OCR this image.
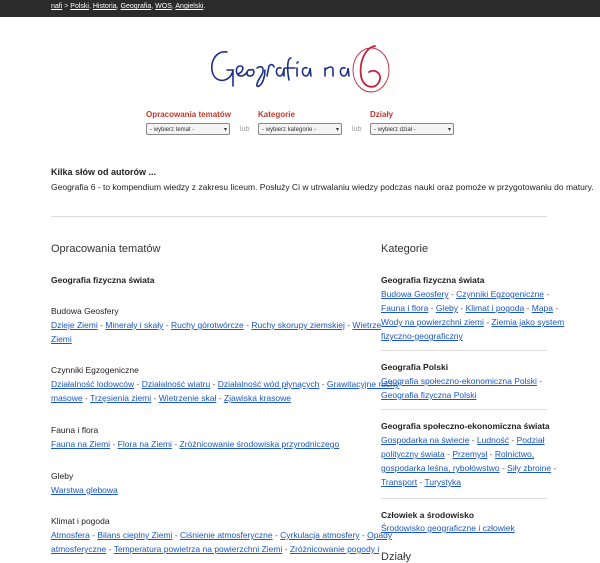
nafi > Polski, Historia, Geografia, WOS, Angielski.
Opracowania tematów
- wybierz temat -	▾ lub
Kategorie
- wybierz kategorie -	▾ lub
Działy
- wybierz dział -	▾
Kilka słów od autorów ...
Geografia 6 - to kompendium wiedzy z zakresu liceum. Posłuży Ci w utrwalaniu wiedzy podczas nauki oraz pomoże w przygotowaniu do matury.
Opracowania tematów
Geografia fizyczna świata
Budowa Geosfery
Dzieje Ziemi - Minerały i skały - Ruchy górotwórcze - Ruchy skorupy ziemskiej - Wietrze
Ziemi
Czynniki Egzogeniczne
Działalność lodowców - Działalność wiatru - Działalność wód płynących - Grawitacyjne ruchy
masowe - Trzęsienia ziemi - Wietrzenie skał - Zjawiska krasowe
Fauna i flora
Fauna na Ziemi - Flora na Ziemi - Zróżnicowanie środowiska przyrodniczego
Gleby
Warstwa glebowa
Klimat i pogoda
Atmosfera - Bilans cieplny Ziemi - Ciśnienie atmosferyczne - Cyrkulacja atmosfery - Opady
atmosferyczne - Temperatura powietrza na powierzchni Ziemi - Zróżnicowanie pogody i
Kategorie
Geografia fizyczna świata
Budowa Geosfery - Czynniki Egzogeniczne -
Fauna i flora - Gleby - Klimat i pogoda - Mapa -
Wody na powierzchni ziemi - Ziemia jako system
fizyczno-geograficzny
Geografia Polski
Geografia społeczno-ekonomiczna Polski -
Geografia fizyczna Polski
Geografia społeczno-ekonomiczna świata
Gospodarka na świecie - Ludność - Podział
polityczny świata - Przemysł - Rolnictwo,
gospodarka leśna, rybołówstwo - Siły zbroine -
Transport - Turystyka
Człowiek a środowisko
Środowisko geograficzne i człowiek
Działy
